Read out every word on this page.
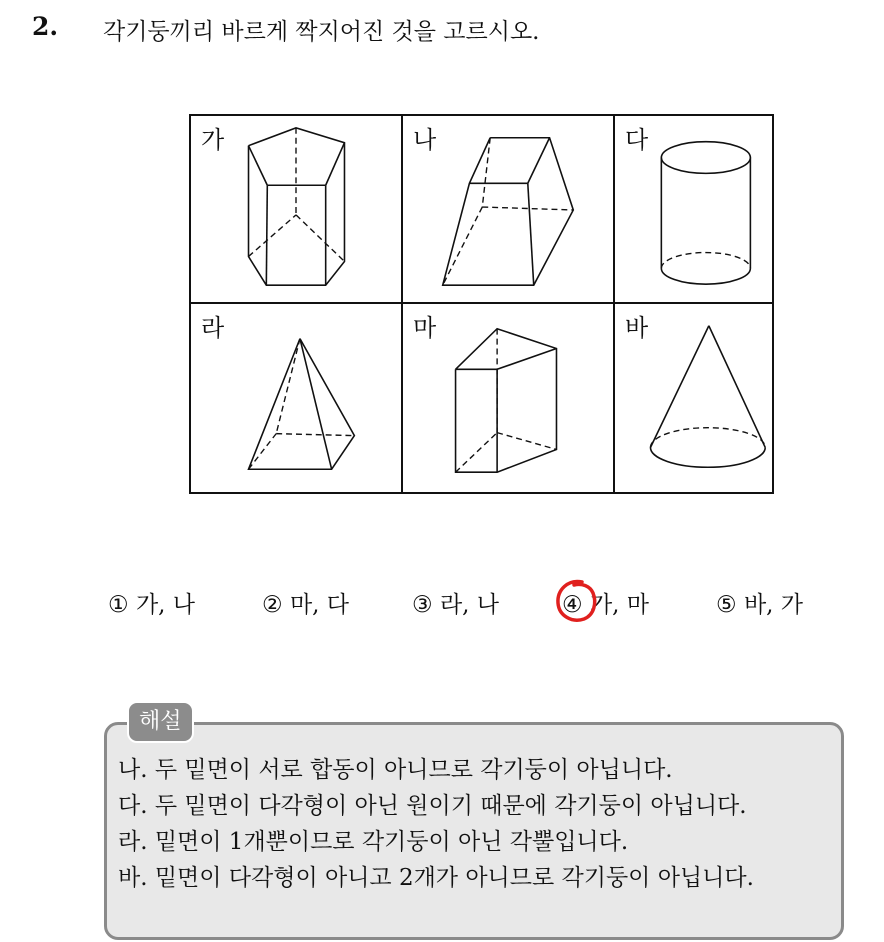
2. 각기둥끼리 바르게 짝지어진 것을 고르시오.
가	나	다
라	마	바
① 가, 나	② 마, 다	③ 라, 나	④ 가, 마	⑤ 바, 가
해설
나. 두 밑면이 서로 합동이 아니므로 각기둥이 아닙니다.
다. 두 밑면이 다각형이 아닌 원이기 때문에 각기둥이 아닙니다.
라. 밑면이 1개뿐이므로 각기둥이 아닌 각뿔입니다.
바. 밑면이 다각형이 아니고 2개가 아니므로 각기둥이 아닙니다.
